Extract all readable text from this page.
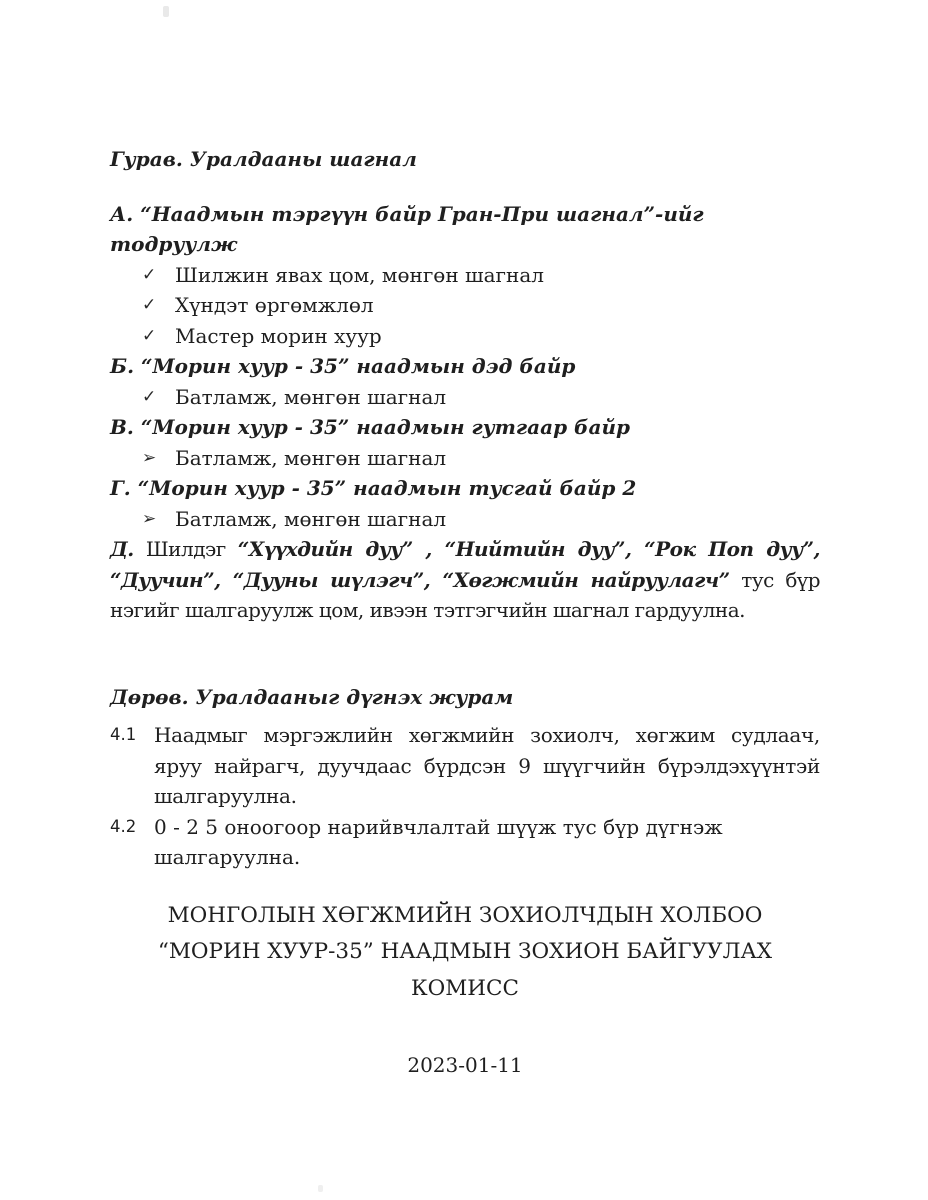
Гурав. Уралдааны шагнал
А. “Наадмын тэргүүн байр Гран-При шагнал”-ийг тодруулж
✓ Шилжин явах цом, мөнгөн шагнал
✓ Хүндэт өргөмжлөл
✓ Мастер морин хуур
Б. “Морин хуур - 35” наадмын дэд байр
✓ Батламж, мөнгөн шагнал
В. “Морин хуур - 35” наадмын гутгаар байр
➢ Батламж, мөнгөн шагнал
Г. “Морин хуур - 35” наадмын тусгай байр 2
➢ Батламж, мөнгөн шагнал

Д. Шилдэг “Хүүхдийн дуу” , “Нийтийн дуу”, “Рок Поп дуу”, “Дуучин”, “Дууны шүлэгч”, “Хөгжмийн найруулагч” тус бүр нэгийг шалгаруулж цом, ивээн тэтгэгчийн шагнал гардуулна.

Дөрөв. Уралдааныг дүгнэх журам
4.1 Наадмыг мэргэжлийн хөгжмийн зохиолч, хөгжим судлаач, яруу найрагч, дуучдаас бүрдсэн 9 шүүгчийн бүрэлдэхүүнтэй шалгаруулна.
4.2 0 - 2 5 оноогоор нарийвчлалтай шүүж тус бүр дүгнэж шалгаруулна.
МОНГОЛЫН ХӨГЖМИЙН ЗОХИОЛЧДЫН ХОЛБОО
“МОРИН ХУУР-35” НААДМЫН ЗОХИОН БАЙГУУЛАХ КОМИСС
2023-01-11
